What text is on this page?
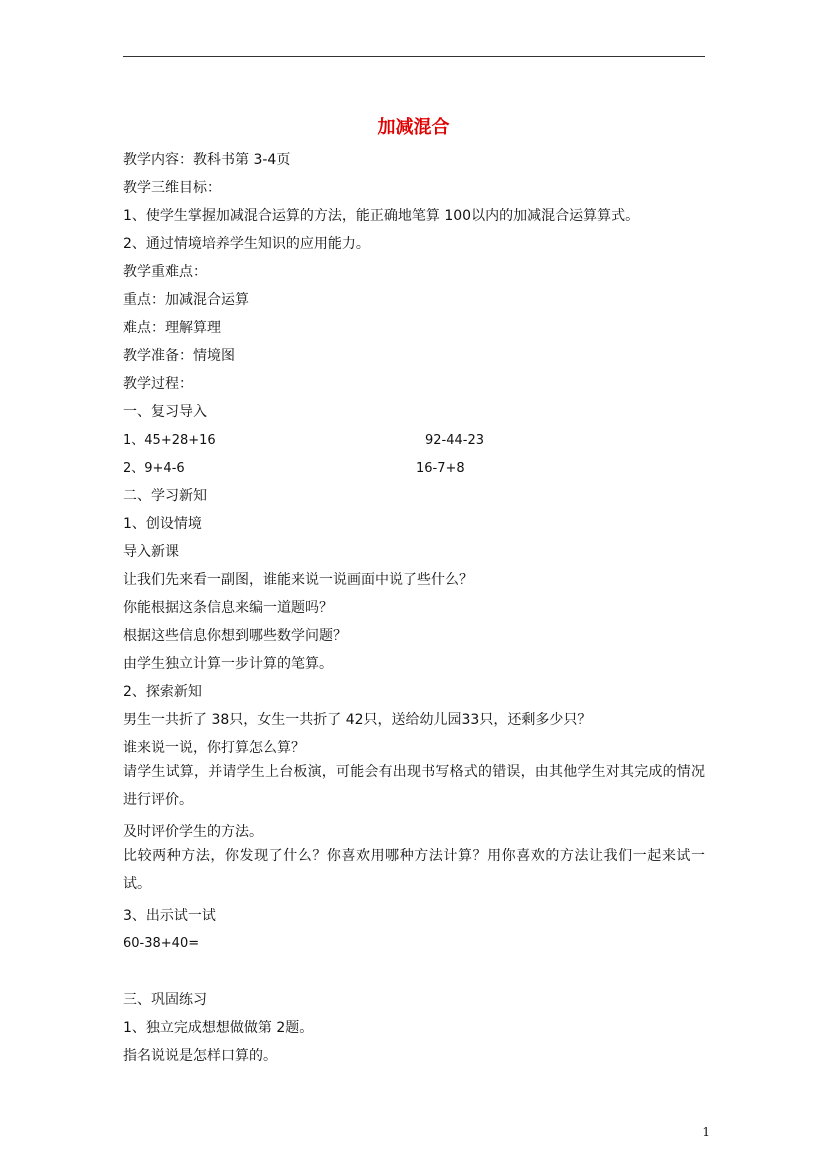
加减混合
教学内容：教科书第 3-4页
教学三维目标：
1、使学生掌握加减混合运算的方法，能正确地笔算 100以内的加减混合运算算式。
2、通过情境培养学生知识的应用能力。
教学重难点：
重点：加减混合运算
难点：理解算理
教学准备：情境图
教学过程：
一、复习导入
1、45+28+16	92-44-23
2、9+4-6	16-7+8
二、学习新知
1、创设情境
导入新课
让我们先来看一副图，谁能来说一说画面中说了些什么？
你能根据这条信息来编一道题吗？
根据这些信息你想到哪些数学问题？
由学生独立计算一步计算的笔算。
2、探索新知
男生一共折了 38只，女生一共折了 42只，送给幼儿园33只，还剩多少只？
谁来说一说，你打算怎么算？
请学生试算，并请学生上台板演，可能会有出现书写格式的错误，由其他学生对其完成的情况进行评价。
及时评价学生的方法。
比较两种方法，你发现了什么？你喜欢用哪种方法计算？用你喜欢的方法让我们一起来试一试。
3、出示试一试
60-38+40=
三、巩固练习
1、独立完成想想做做第 2题。
指名说说是怎样口算的。
1
